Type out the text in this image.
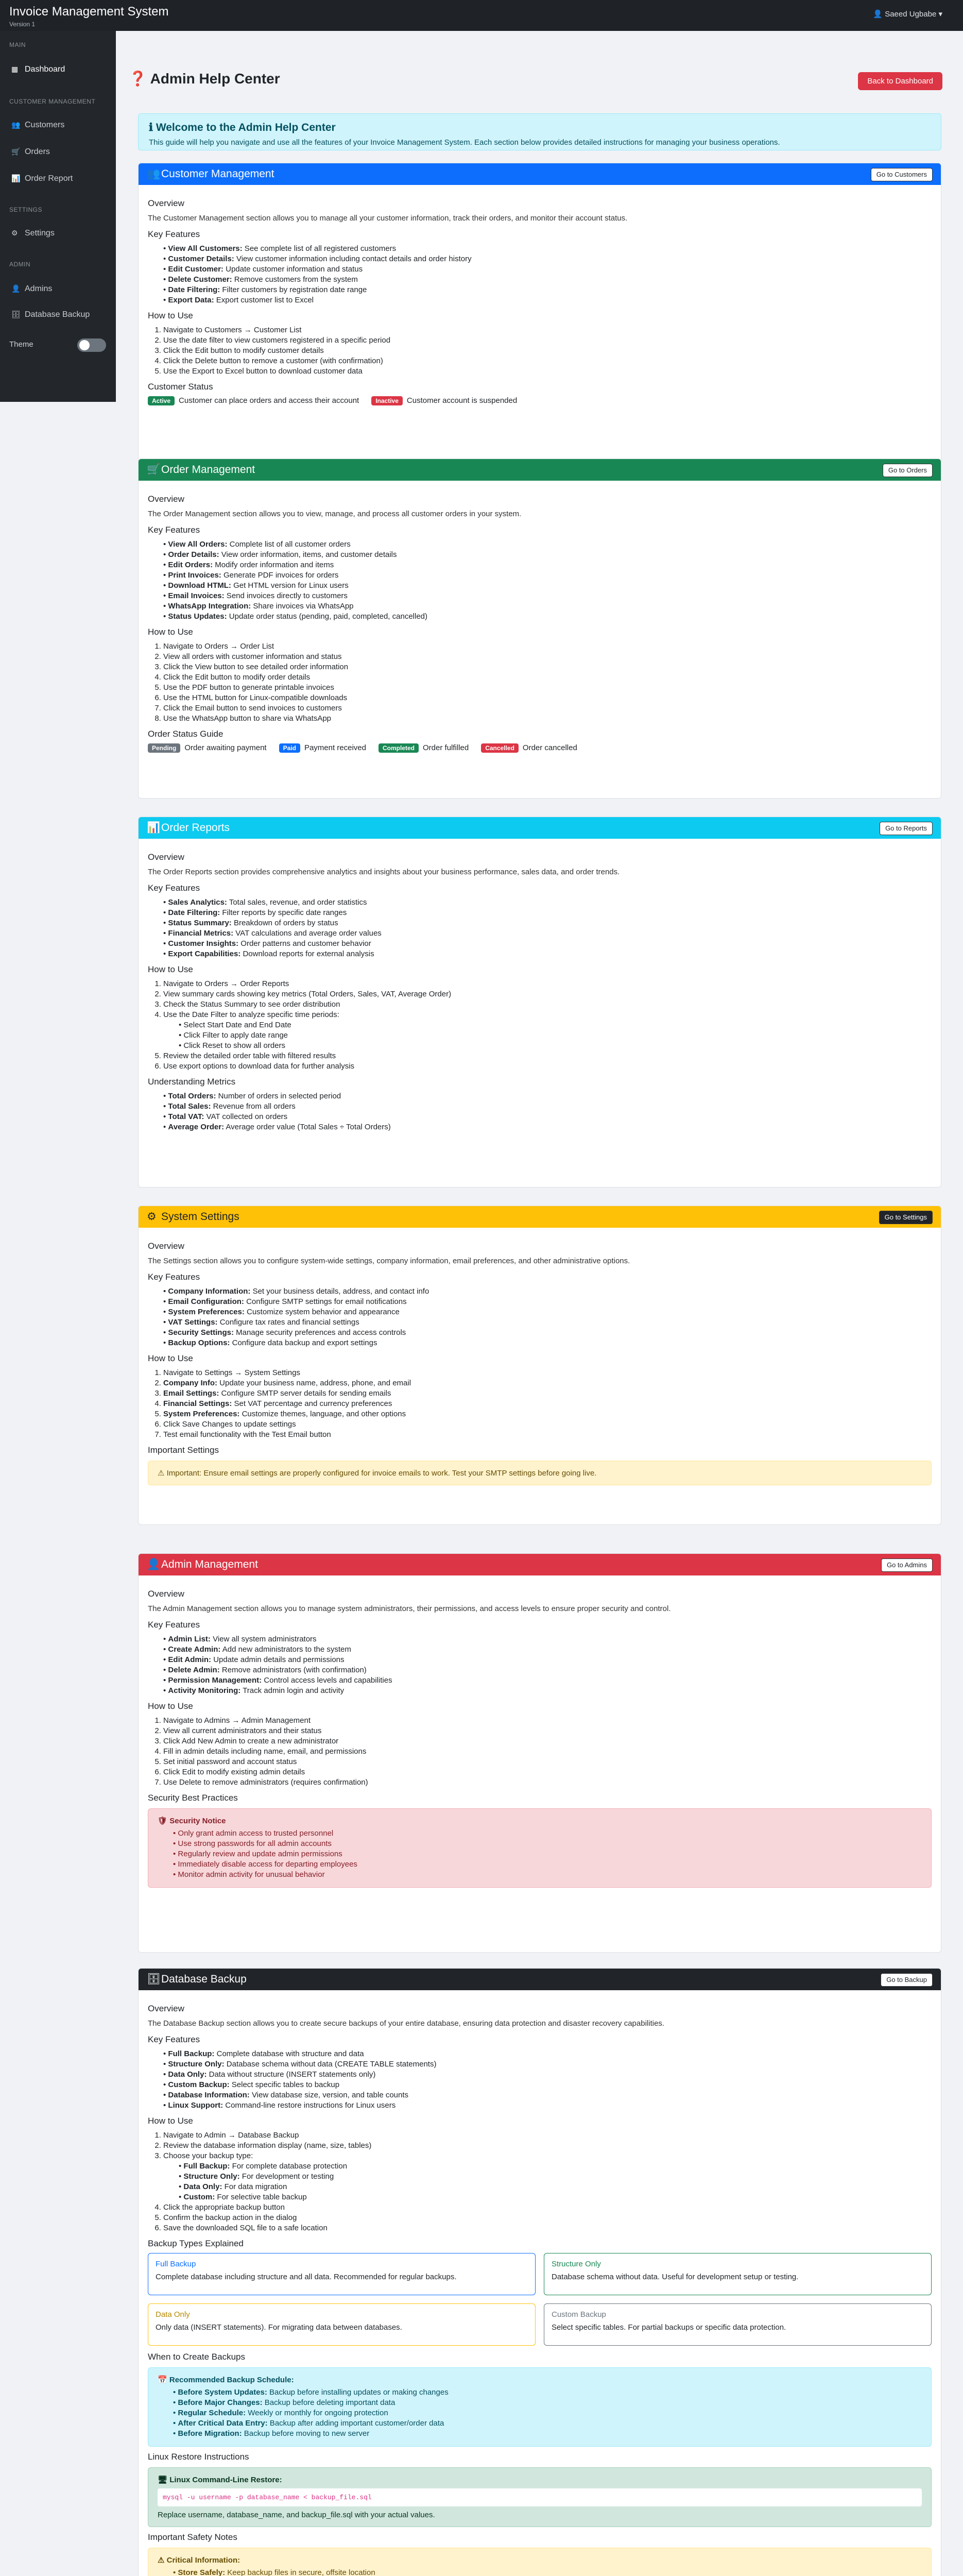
Invoice Management System
Version 1
👤 Saeed Ugbabe ▾
MAIN
▦ Dashboard
CUSTOMER MANAGEMENT
👥 Customers
🛒 Orders
📊 Order Report
SETTINGS
⚙ Settings
ADMIN
👤 Admins
🗄 Database Backup
Theme
❓ Admin Help Center	Back to Dashboard
ℹ Welcome to the Admin Help Center
This guide will help you navigate and use all the features of your Invoice Management System. Each section below provides detailed instructions for managing your business operations.
👥Customer Management	Go to Customers
Overview
The Customer Management section allows you to manage all your customer information, track their orders, and monitor their account status.
Key Features
• View All Customers: See complete list of all registered customers
• Customer Details: View customer information including contact details and order history
• Edit Customer: Update customer information and status
• Delete Customer: Remove customers from the system
• Date Filtering: Filter customers by registration date range
• Export Data: Export customer list to Excel
How to Use
1. Navigate to Customers → Customer List
2. Use the date filter to view customers registered in a specific period
3. Click the Edit button to modify customer details
4. Click the Delete button to remove a customer (with confirmation)
5. Use the Export to Excel button to download customer data
Customer Status
Active Customer can place orders and access their account	Inactive Customer account is suspended
🛒Order Management	Go to Orders
Overview
The Order Management section allows you to view, manage, and process all customer orders in your system.
Key Features
• View All Orders: Complete list of all customer orders
• Order Details: View order information, items, and customer details
• Edit Orders: Modify order information and items
• Print Invoices: Generate PDF invoices for orders
• Download HTML: Get HTML version for Linux users
• Email Invoices: Send invoices directly to customers
• WhatsApp Integration: Share invoices via WhatsApp
• Status Updates: Update order status (pending, paid, completed, cancelled)
How to Use
1. Navigate to Orders → Order List
2. View all orders with customer information and status
3. Click the View button to see detailed order information
4. Click the Edit button to modify order details
5. Use the PDF button to generate printable invoices
6. Use the HTML button for Linux-compatible downloads
7. Click the Email button to send invoices to customers
8. Use the WhatsApp button to share via WhatsApp
Order Status Guide
Pending Order awaiting payment	Paid Payment received	Completed Order fulfilled	Cancelled Order cancelled
📊Order Reports	Go to Reports
Overview
The Order Reports section provides comprehensive analytics and insights about your business performance, sales data, and order trends.
Key Features
• Sales Analytics: Total sales, revenue, and order statistics
• Date Filtering: Filter reports by specific date ranges
• Status Summary: Breakdown of orders by status
• Financial Metrics: VAT calculations and average order values
• Customer Insights: Order patterns and customer behavior
• Export Capabilities: Download reports for external analysis
How to Use
1. Navigate to Orders → Order Reports
2. View summary cards showing key metrics (Total Orders, Sales, VAT, Average Order)
3. Check the Status Summary to see order distribution
4. Use the Date Filter to analyze specific time periods:
• Select Start Date and End Date
• Click Filter to apply date range
• Click Reset to show all orders
5. Review the detailed order table with filtered results
6. Use export options to download data for further analysis
Understanding Metrics
• Total Orders: Number of orders in selected period
• Total Sales: Revenue from all orders
• Total VAT: VAT collected on orders
• Average Order: Average order value (Total Sales ÷ Total Orders)
⚙ System Settings	Go to Settings
Overview
The Settings section allows you to configure system-wide settings, company information, email preferences, and other administrative options.
Key Features
• Company Information: Set your business details, address, and contact info
• Email Configuration: Configure SMTP settings for email notifications
• System Preferences: Customize system behavior and appearance
• VAT Settings: Configure tax rates and financial settings
• Security Settings: Manage security preferences and access controls
• Backup Options: Configure data backup and export settings
How to Use
1. Navigate to Settings → System Settings
2. Company Info: Update your business name, address, phone, and email
3. Email Settings: Configure SMTP server details for sending emails
4. Financial Settings: Set VAT percentage and currency preferences
5. System Preferences: Customize themes, language, and other options
6. Click Save Changes to update settings
7. Test email functionality with the Test Email button
Important Settings
⚠ Important: Ensure email settings are properly configured for invoice emails to work. Test your SMTP settings before going live.
👤Admin Management	Go to Admins
Overview
The Admin Management section allows you to manage system administrators, their permissions, and access levels to ensure proper security and control.
Key Features
• Admin List: View all system administrators
• Create Admin: Add new administrators to the system
• Edit Admin: Update admin details and permissions
• Delete Admin: Remove administrators (with confirmation)
• Permission Management: Control access levels and capabilities
• Activity Monitoring: Track admin login and activity
How to Use
1. Navigate to Admins → Admin Management
2. View all current administrators and their status
3. Click Add New Admin to create a new administrator
4. Fill in admin details including name, email, and permissions
5. Set initial password and account status
6. Click Edit to modify existing admin details
7. Use Delete to remove administrators (requires confirmation)
Security Best Practices
🛡 Security Notice
• Only grant admin access to trusted personnel
• Use strong passwords for all admin accounts
• Regularly review and update admin permissions
• Immediately disable access for departing employees
• Monitor admin activity for unusual behavior
🗄Database Backup	Go to Backup
Overview
The Database Backup section allows you to create secure backups of your entire database, ensuring data protection and disaster recovery capabilities.
Key Features
• Full Backup: Complete database with structure and data
• Structure Only: Database schema without data (CREATE TABLE statements)
• Data Only: Data without structure (INSERT statements only)
• Custom Backup: Select specific tables to backup
• Database Information: View database size, version, and table counts
• Linux Support: Command-line restore instructions for Linux users
How to Use
1. Navigate to Admin → Database Backup
2. Review the database information display (name, size, tables)
3. Choose your backup type:
• Full Backup: For complete database protection
• Structure Only: For development or testing
• Data Only: For data migration
• Custom: For selective table backup
4. Click the appropriate backup button
5. Confirm the backup action in the dialog
6. Save the downloaded SQL file to a safe location
Backup Types Explained
Full Backup
Complete database including structure and all data. Recommended for regular backups.
Structure Only
Database schema without data. Useful for development setup or testing.
Data Only
Only data (INSERT statements). For migrating data between databases.
Custom Backup
Select specific tables. For partial backups or specific data protection.
When to Create Backups
📅 Recommended Backup Schedule:
• Before System Updates: Backup before installing updates or making changes
• Before Major Changes: Backup before deleting important data
• Regular Schedule: Weekly or monthly for ongoing protection
• After Critical Data Entry: Backup after adding important customer/order data
• Before Migration: Backup before moving to new server
Linux Restore Instructions
🖥 Linux Command-Line Restore:
mysql -u username -p database_name < backup_file.sql
Replace username, database_name, and backup_file.sql with your actual values.
Important Safety Notes
⚠ Critical Information:
• Store Safely: Keep backup files in secure, offsite location
